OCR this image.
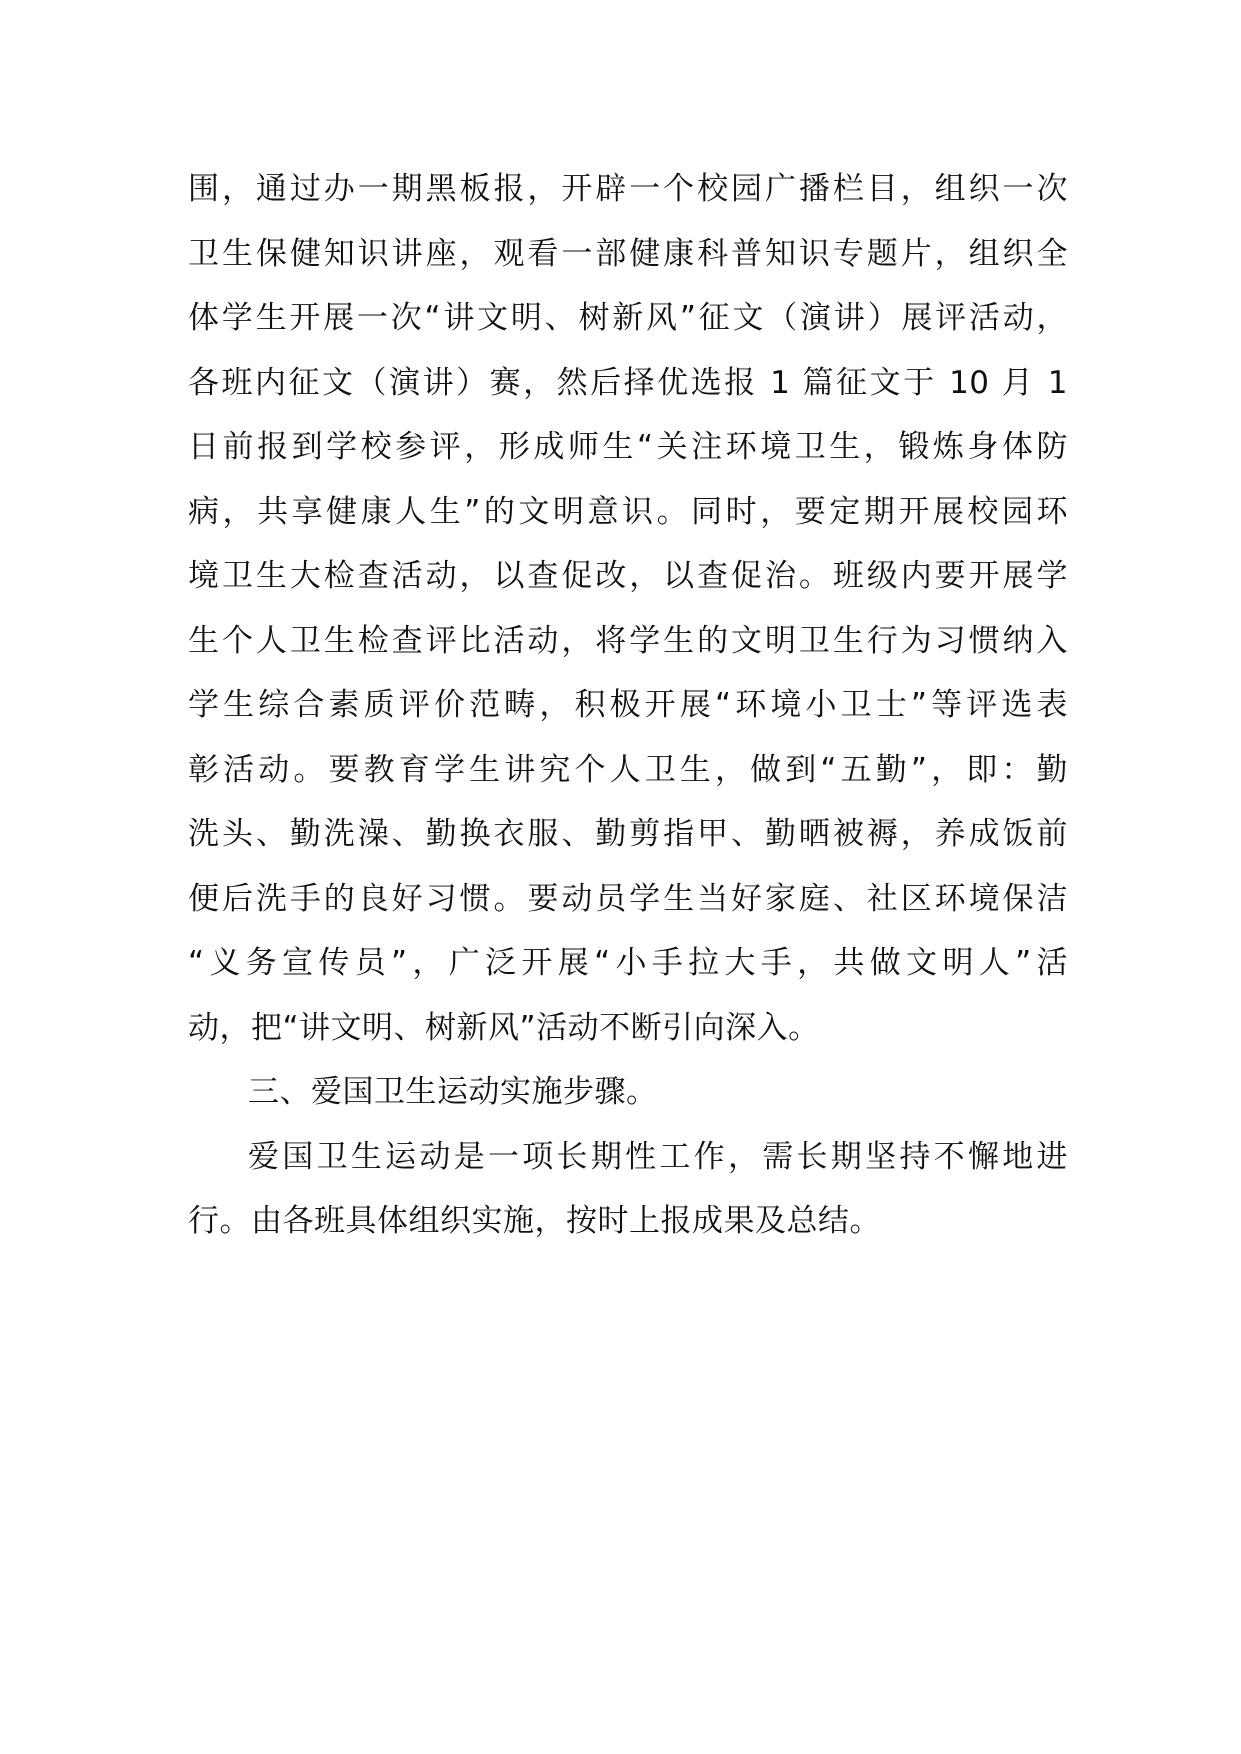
围，通过办一期黑板报，开辟一个校园广播栏目，组织一次
卫生保健知识讲座，观看一部健康科普知识专题片，组织全
体学生开展一次“讲文明、树新风”征文（演讲）展评活动，
各班内征文（演讲）赛，然后择优选报 1 篇征文于 10 月 1
日前报到学校参评，形成师生“关注环境卫生，锻炼身体防
病，共享健康人生”的文明意识。同时，要定期开展校园环
境卫生大检查活动，以查促改，以查促治。班级内要开展学
生个人卫生检查评比活动，将学生的文明卫生行为习惯纳入
学生综合素质评价范畴，积极开展“环境小卫士”等评选表
彰活动。要教育学生讲究个人卫生，做到“五勤”，即：勤
洗头、勤洗澡、勤换衣服、勤剪指甲、勤晒被褥，养成饭前
便后洗手的良好习惯。要动员学生当好家庭、社区环境保洁
“义务宣传员”，广泛开展“小手拉大手，共做文明人”活
动，把“讲文明、树新风”活动不断引向深入。
三、爱国卫生运动实施步骤。
爱国卫生运动是一项长期性工作，需长期坚持不懈地进
行。由各班具体组织实施，按时上报成果及总结。
